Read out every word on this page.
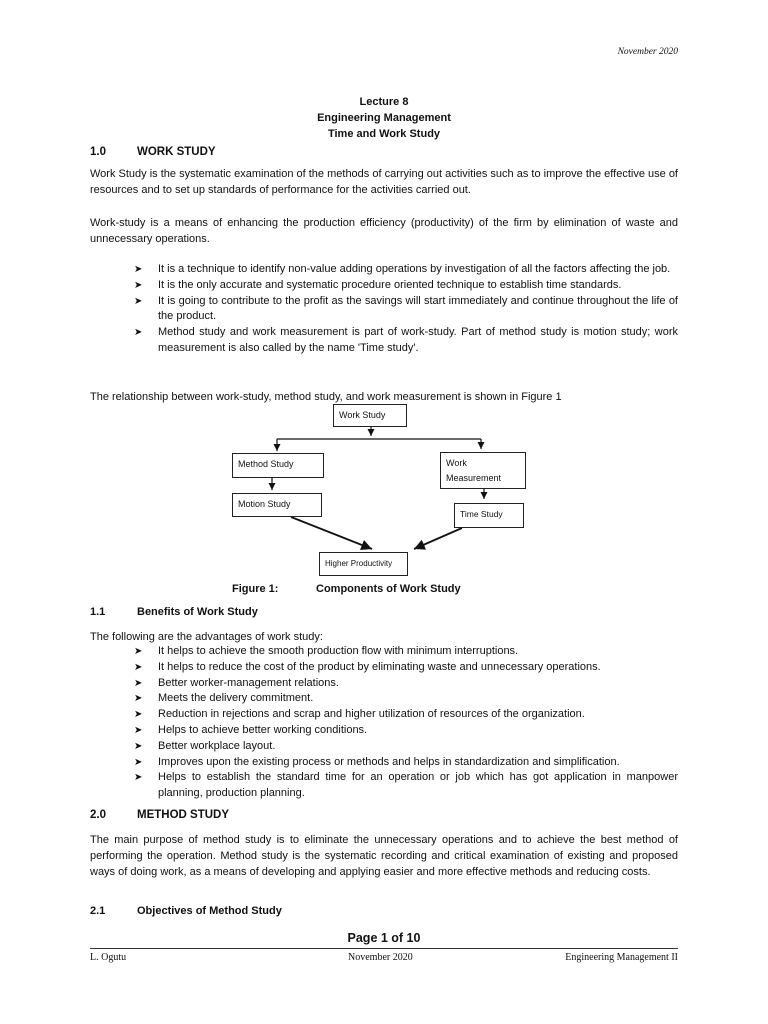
November 2020
Lecture 8
Engineering Management
Time and Work Study
1.0	WORK STUDY
Work Study is the systematic examination of the methods of carrying out activities such as to improve the effective use of resources and to set up standards of performance for the activities carried out.
Work-study is a means of enhancing the production efficiency (productivity) of the firm by elimination of waste and unnecessary operations.
➤ It is a technique to identify non-value adding operations by investigation of all the factors affecting the job.
➤ It is the only accurate and systematic procedure oriented technique to establish time standards.
➤ It is going to contribute to the profit as the savings will start immediately and continue throughout the life of the product.
➤ Method study and work measurement is part of work-study. Part of method study is motion study; work measurement is also called by the name 'Time study'.
The relationship between work-study, method study, and work measurement is shown in Figure 1
Work Study
Method Study	Work
Measurement
Motion Study
Time Study
Higher Productivity
Figure 1:	Components of Work Study
1.1	Benefits of Work Study
The following are the advantages of work study:
➤ It helps to achieve the smooth production flow with minimum interruptions.
➤ It helps to reduce the cost of the product by eliminating waste and unnecessary operations.
➤ Better worker-management relations.
➤ Meets the delivery commitment.
➤ Reduction in rejections and scrap and higher utilization of resources of the organization.
➤ Helps to achieve better working conditions.
➤ Better workplace layout.
➤ Improves upon the existing process or methods and helps in standardization and simplification.
➤ Helps to establish the standard time for an operation or job which has got application in manpower planning, production planning.
2.0	METHOD STUDY
The main purpose of method study is to eliminate the unnecessary operations and to achieve the best method of performing the operation. Method study is the systematic recording and critical examination of existing and proposed ways of doing work, as a means of developing and applying easier and more effective methods and reducing costs.
2.1	Objectives of Method Study
Page 1 of 10
L. Ogutu	November 2020	Engineering Management II
